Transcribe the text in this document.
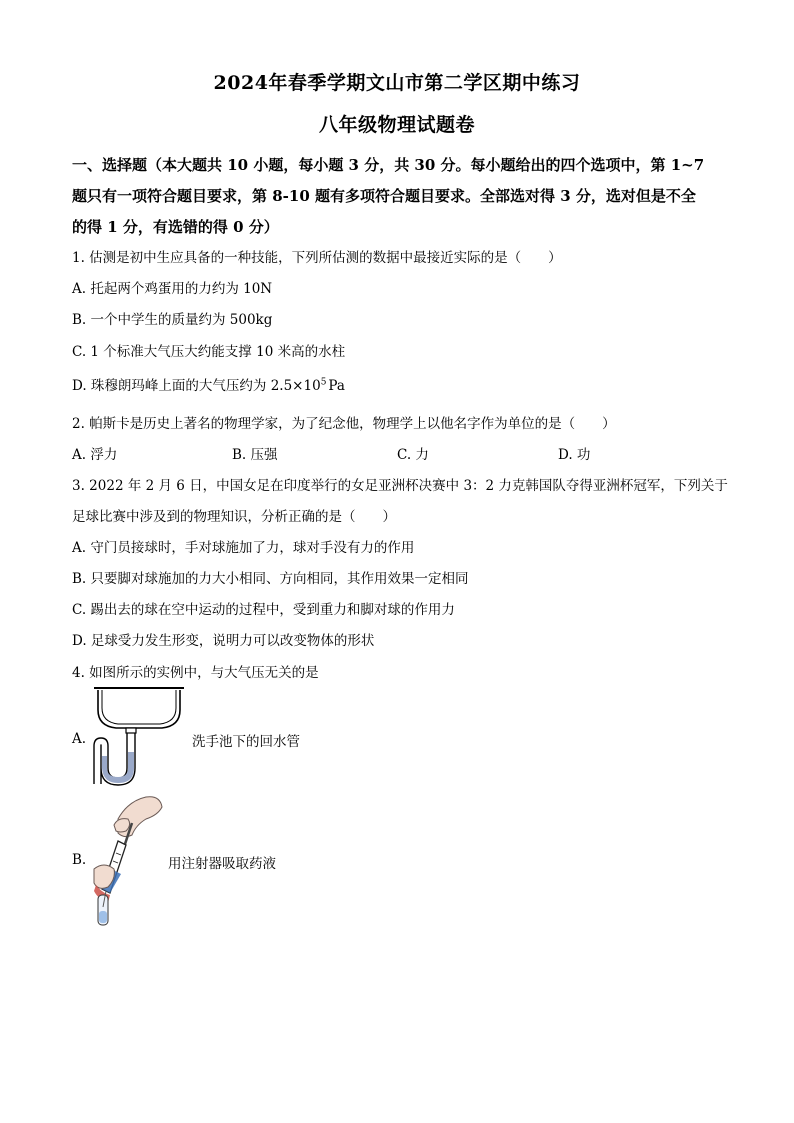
2024年春季学期文山市第二学区期中练习
八年级物理试题卷
一、选择题（本大题共 10 小题，每小题 3 分，共 30 分。每小题给出的四个选项中，第 1~7
题只有一项符合题目要求，第 8-10 题有多项符合题目要求。全部选对得 3 分，选对但是不全
的得 1 分，有选错的得 0 分）
1. 估测是初中生应具备的一种技能，下列所估测的数据中最接近实际的是（　　）
A. 托起两个鸡蛋用的力约为 10N
B. 一个中学生的质量约为 500kg
C. 1 个标准大气压大约能支撑 10 米高的水柱
D. 珠穆朗玛峰上面的大气压约为 $2.5\times 10^5$ Pa
2. 帕斯卡是历史上著名的物理学家，为了纪念他，物理学上以他名字作为单位的是（　　）
A. 浮力	B. 压强	C. 力	D. 功
3. 2022 年 2 月 6 日，中国女足在印度举行的女足亚洲杯决赛中 3：2 力克韩国队夺得亚洲杯冠军，下列关于
足球比赛中涉及到的物理知识，分析正确的是（　　）
A. 守门员接球时，手对球施加了力，球对手没有力的作用
B. 只要脚对球施加的力大小相同、方向相同，其作用效果一定相同
C. 踢出去的球在空中运动的过程中，受到重力和脚对球的作用力
D. 足球受力发生形变，说明力可以改变物体的形状
4. 如图所示的实例中，与大气压无关的是
A.	洗手池下的回水管
B.	用注射器吸取药液
